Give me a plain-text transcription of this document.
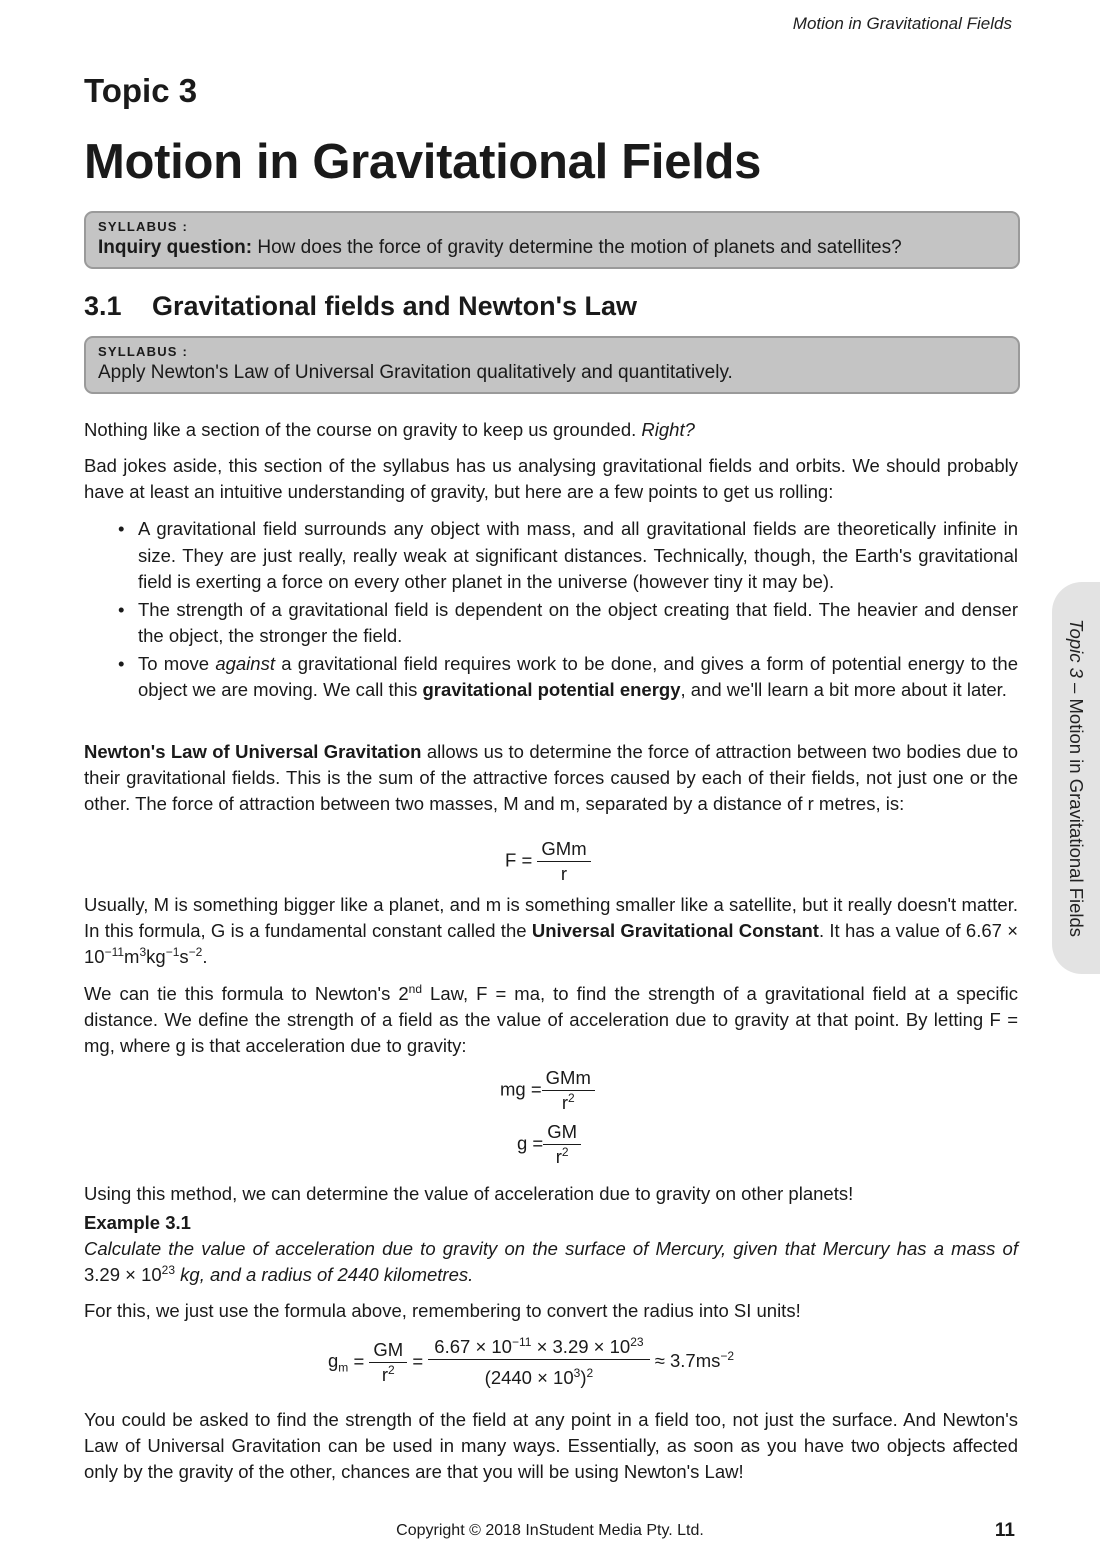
Motion in Gravitational Fields
Topic 3
Motion in Gravitational Fields
SYLLABUS :
Inquiry question: How does the force of gravity determine the motion of planets and satellites?
3.1 Gravitational fields and Newton's Law
SYLLABUS :
Apply Newton's Law of Universal Gravitation qualitatively and quantitatively.
Nothing like a section of the course on gravity to keep us grounded. Right?
Bad jokes aside, this section of the syllabus has us analysing gravitational fields and orbits. We should probably have at least an intuitive understanding of gravity, but here are a few points to get us rolling:
• A gravitational field surrounds any object with mass, and all gravitational fields are theoretically infinite in size. They are just really, really weak at significant distances. Technically, though, the Earth's gravitational field is exerting a force on every other planet in the universe (however tiny it may be).
• The strength of a gravitational field is dependent on the object creating that field. The heavier and denser the object, the stronger the field.
• To move against a gravitational field requires work to be done, and gives a form of potential energy to the object we are moving. We call this gravitational potential energy, and we'll learn a bit more about it later.
Newton's Law of Universal Gravitation allows us to determine the force of attraction between two bodies due to their gravitational fields. This is the sum of the attractive forces caused by each of their fields, not just one or the other. The force of attraction between two masses, M and m, separated by a distance of r metres, is:
$F = \frac{\text{GMm}}{r}$
Usually, M is something bigger like a planet, and m is something smaller like a satellite, but it really doesn't matter. In this formula, G is a fundamental constant called the Universal Gravitational Constant. It has a value of $6.67 \times 10^{-11}m^3kg^{-1}s^{-2}$.
We can tie this formula to Newton's 2nd Law, F = ma, to find the strength of a gravitational field at a specific distance. We define the strength of a field as the value of acceleration due to gravity at that point. By letting F = mg, where g is that acceleration due to gravity:
mg = $\frac{\text{GMm}}{r^2}$
$g = \frac{GM}{r^2}$
Using this method, we can determine the value of acceleration due to gravity on other planets!
Example 3.1
Calculate the value of acceleration due to gravity on the surface of Mercury, given that Mercury has a mass of $3.29 \times 10^{23}$ kg, and a radius of 2440 kilometres.
For this, we just use the formula above, remembering to convert the radius into SI units!
$g_m = \frac{GM}{r^2} = \frac{6.67 \times 10^{-11} \times 3.29 \times 10^{23}}{(2440 \times 10^3)^2} \approx 3.7ms^{-2}$
You could be asked to find the strength of the field at any point in a field too, not just the surface. And Newton's Law of Universal Gravitation can be used in many ways. Essentially, as soon as you have two objects affected only by the gravity of the other, chances are that you will be using Newton's Law!
Topic 3 – Motion in Gravitational Fields
Copyright © 2018 InStudent Media Pty. Ltd.	11
